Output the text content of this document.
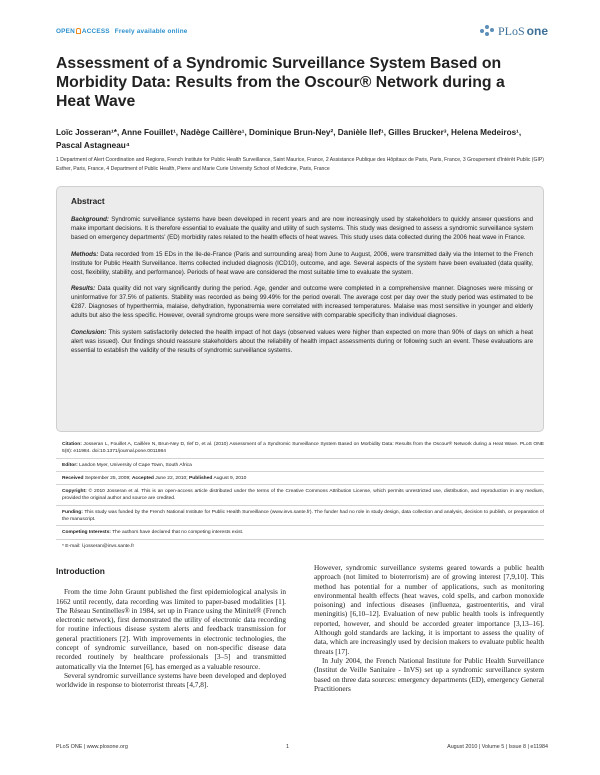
OPEN ACCESS Freely available online	PLoS one
Assessment of a Syndromic Surveillance System Based on Morbidity Data: Results from the Oscour® Network during a Heat Wave
Loïc Josseran¹*, Anne Fouillet¹, Nadège Caillère¹, Dominique Brun-Ney², Danièle Ilef¹, Gilles Brucker³, Helena Medeiros¹, Pascal Astagneau⁴
1 Department of Alert Coordination and Regions, French Institute for Public Health Surveillance, Saint Maurice, France, 2 Assistance Publique des Hôpitaux de Paris, Paris, France, 3 Groupement d'Intérêt Public (GIP) Esther, Paris, France, 4 Department of Public Health, Pierre and Marie Curie University School of Medicine, Paris, France
Abstract

Background: Syndromic surveillance systems have been developed in recent years and are now increasingly used by stakeholders to quickly answer questions and make important decisions. It is therefore essential to evaluate the quality and utility of such systems. This study was designed to assess a syndromic surveillance system based on emergency departments' (ED) morbidity rates related to the health effects of heat waves. This study uses data collected during the 2006 heat wave in France.

Methods: Data recorded from 15 EDs in the Ile-de-France (Paris and surrounding area) from June to August, 2006, were transmitted daily via the Internet to the French Institute for Public Health Surveillance. Items collected included diagnosis (ICD10), outcome, and age. Several aspects of the system have been evaluated (data quality, cost, flexibility, stability, and performance). Periods of heat wave are considered the most suitable time to evaluate the system.

Results: Data quality did not vary significantly during the period. Age, gender and outcome were completed in a comprehensive manner. Diagnoses were missing or uninformative for 37.5% of patients. Stability was recorded as being 99.49% for the period overall. The average cost per day over the study period was estimated to be €287. Diagnoses of hyperthermia, malaise, dehydration, hyponatremia were correlated with increased temperatures. Malaise was most sensitive in younger and elderly adults but also the less specific. However, overall syndrome groups were more sensitive with comparable specificity than individual diagnoses.

Conclusion: This system satisfactorily detected the health impact of hot days (observed values were higher than expected on more than 90% of days on which a heat alert was issued). Our findings should reassure stakeholders about the reliability of health impact assessments during or following such an event. These evaluations are essential to establish the validity of the results of syndromic surveillance systems.

Citation: Josseran L, Fouillet A, Caillère N, Brun-Ney D, Ilef D, et al. (2010) Assessment of a Syndromic Surveillance System Based on Morbidity Data: Results from the Oscour® Network during a Heat Wave. PLoS ONE 5(8): e11984. doi:10.1371/journal.pone.0011984
Editor: Landon Myer, University of Cape Town, South Africa
Received September 25, 2009; Accepted June 22, 2010; Published August 9, 2010
Copyright: © 2010 Josseran et al. This is an open-access article distributed under the terms of the Creative Commons Attribution License, which permits unrestricted use, distribution, and reproduction in any medium, provided the original author and source are credited.
Funding: This study was funded by the French National Institute for Public Health Surveillance (www.invs.sante.fr). The funder had no role in study design, data collection and analysis, decision to publish, or preparation of the manuscript.
Competing Interests: The authors have declared that no competing interests exist.
* E-mail: l.josseran@invs.sante.fr
Introduction

From the time John Graunt published the first epidemiological analysis in 1662 until recently, data recording was limited to paper-based modalities [1]. The Réseau Sentinelles® in 1984, set up in France using the Minitel® (French electronic network), first demonstrated the utility of electronic data recording for routine infectious disease system alerts and feedback transmission for general practitioners [2]. With improvements in electronic technologies, the concept of syndromic surveillance, based on non-specific disease data recorded routinely by healthcare professionals [3–5] and transmitted automatically via the Internet [6], has emerged as a valuable resource.

Several syndromic surveillance systems have been developed and deployed worldwide in response to bioterrorist threats [4,7,8].

However, syndromic surveillance systems geared towards a public health approach (not limited to bioterrorism) are of growing interest [7,9,10]. This method has potential for a number of applications, such as monitoring environmental health effects (heat waves, cold spells, and carbon monoxide poisoning) and infectious diseases (influenza, gastroenteritis, and viral meningitis) [6,10–12]. Evaluation of new public health tools is infrequently reported, however, and should be accorded greater importance [3,13–16]. Although gold standards are lacking, it is important to assess the quality of data, which are increasingly used by decision makers to evaluate public health threats [17].

In July 2004, the French National Institute for Public Health Surveillance (Institut de Veille Sanitaire - InVS) set up a syndromic surveillance system based on three data sources: emergency departments (ED), emergency General Practitioners

PLoS ONE | www.plosone.org	1	August 2010 | Volume 5 | Issue 8 | e11984
